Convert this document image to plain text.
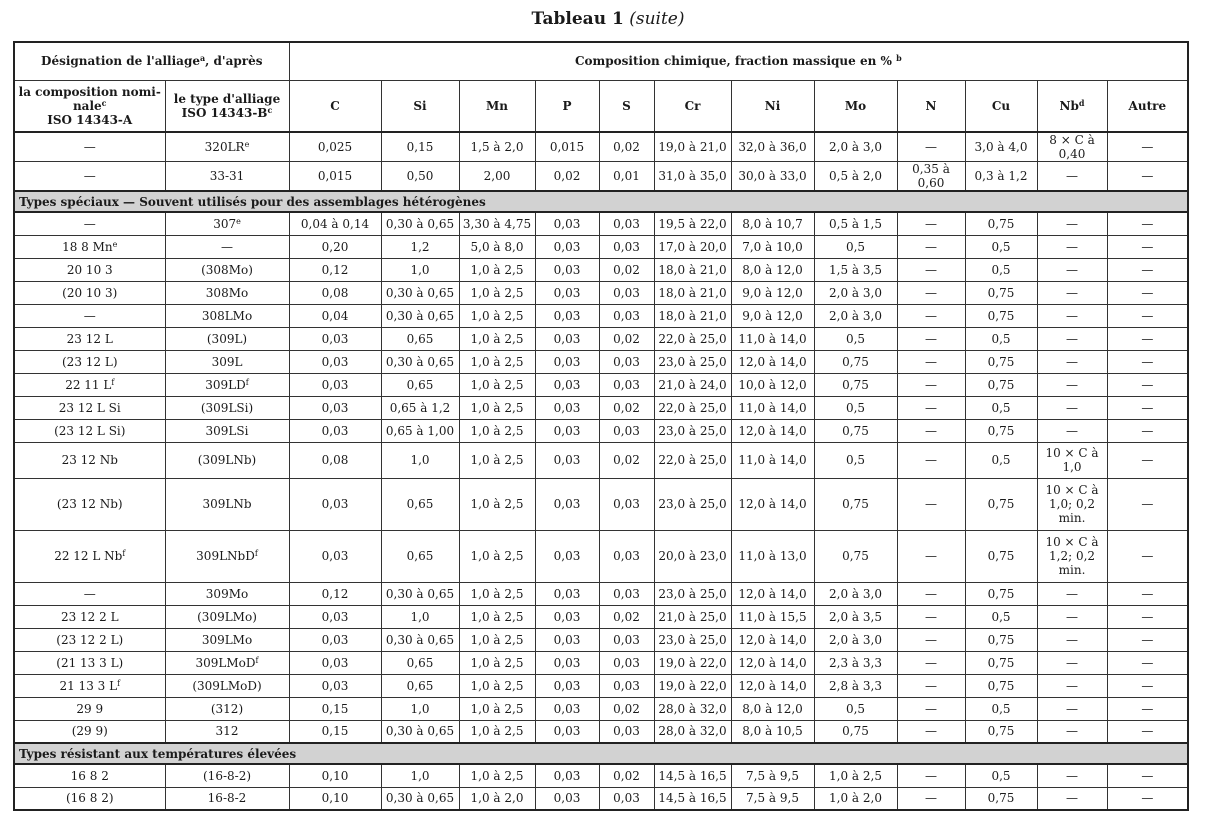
Tableau 1 (suite)
Désignation de l'alliage$^a$, d'après		Composition chimique, fraction massique en % $^b$
la composition nomi-nale$^c$
ISO 14343-A	le type d'alliage ISO $14343-B^c$	C	Si	Mn	P	S	Cr	Ni	Mo	N	Cu	Nb$^d$	Autre
—	$320LR^e$	0,025	0,15	1,5 à 2,0	0,015	0,02	19,0 à 21,0	32,0 à 36,0	2,0 à 3,0	—	3,0 à 4,0	8 × C à 0,40	—
—	33-31	0,015	0,50	2,00	0,02	0,01	31,0 à 35,0	30,0 à 33,0	0,5 à 2,0	0,35 à 0,60	0,3 à 1,2	—	—
Types spéciaux — Souvent utilisés pour des assemblages hétérogènes													
—	307e	0,04 à 0,14	0,30 à 0,65	3,30 à 4,75	0,03	0,03	19,5 à 22,0	8,0 à 10,7	0,5 à 1,5	—	0,75	—	—
18 8 Mn$^e$	—	0,20	1,2	5,0 à 8,0	0,03	0,03	17,0 à 20,0	7,0 à 10,0	0,5	—	0,5	—	—
20 10 3	(308Mo)	0,12	1,0	1,0 à 2,5	0,03	0,02	18,0 à 21,0	8,0 à 12,0	1,5 à 3,5	—	0,5	—	—
(20 10 3)	308Mo	0,08	0,30 à 0,65	1,0 à 2,5	0,03	0,03	18,0 à 21,0	9,0 à 12,0	2,0 à 3,0	—	0,75	—	—
—	308LMo	0,04	0,30 à 0,65	1,0 à 2,5	0,03	0,03	18,0 à 21,0	9,0 à 12,0	2,0 à 3,0	—	0,75	—	—
23 12 L	(309L)	0,03	0,65	1,0 à 2,5	0,03	0,02	22,0 à 25,0	11,0 à 14,0	0,5	—	0,5	—	—
(23 12 L)	309L	0,03	0,30 à 0,65	1,0 à 2,5	0,03	0,03	23,0 à 25,0	12,0 à 14,0	0,75	—	0,75	—	—
22 11 $L^f$	$309LD^f$	0,03	0,65	1,0 à 2,5	0,03	0,03	21,0 à 24,0	10,0 à 12,0	0,75	—	0,75	—	—
23 12 L Si	(309LSi)	0,03	0,65 à 1,2	1,0 à 2,5	0,03	0,02	22,0 à 25,0	11,0 à 14,0	0,5	—	0,5	—	—
(23 12 L Si)	309LSi	0,03	0,65 à 1,00	1,0 à 2,5	0,03	0,03	23,0 à 25,0	12,0 à 14,0	0,75	—	0,75	—	—
23 12 Nb	(309LNb)	0,08	1,0	1,0 à 2,5	0,03	0,02	22,0 à 25,0	11,0 à 14,0	0,5	—	0,5	10 × C à 1,0	—
(23 12 Nb)	309LNb	0,03	0,65	1,0 à 2,5	0,03	0,03	23,0 à 25,0	12,0 à 14,0	0,75	—	0,75	10 × C à 1,0; 0,2 min.	—
22 12 L Nb$^f$	309LNbD$^f$	0,03	0,65	1,0 à 2,5	0,03	0,03	20,0 à 23,0	11,0 à 13,0	0,75	—	0,75	10 × C à 1,2; 0,2 min.	—
—	309Mo	0,12	0,30 à 0,65	1,0 à 2,5	0,03	0,03	23,0 à 25,0	12,0 à 14,0	2,0 à 3,0	—	0,75	—	—
23 12 2 L	(309LMo)	0,03	1,0	1,0 à 2,5	0,03	0,02	21,0 à 25,0	11,0 à 15,5	2,0 à 3,5	—	0,5	—	—
(23 12 2 L)	309LMo	0,03	0,30 à 0,65	1,0 à 2,5	0,03	0,03	23,0 à 25,0	12,0 à 14,0	2,0 à 3,0	—	0,75	—	—
(21 13 3 L)	309LMoD$^f$	0,03	0,65	1,0 à 2,5	0,03	0,03	19,0 à 22,0	12,0 à 14,0	2,3 à 3,3	—	0,75	—	—
21 13 3 $L^f$	(309LMoD)	0,03	0,65	1,0 à 2,5	0,03	0,03	19,0 à 22,0	12,0 à 14,0	2,8 à 3,3	—	0,75	—	—
29 9	(312)	0,15	1,0	1,0 à 2,5	0,03	0,02	28,0 à 32,0	8,0 à 12,0	0,5	—	0,5	—	—
(29 9)	312	0,15	0,30 à 0,65	1,0 à 2,5	0,03	0,03	28,0 à 32,0	8,0 à 10,5	0,75	—	0,75	—	—
Types résistant aux températures élevées													
16 8 2	(16-8-2)	0,10	1,0	1,0 à 2,5	0,03	0,02	14,5 à 16,5	7,5 à 9,5	1,0 à 2,5	—	0,5	—	—
(16 8 2)	16-8-2	0,10	0,30 à 0,65	1,0 à 2,0	0,03	0,03	14,5 à 16,5	7,5 à 9,5	1,0 à 2,0	—	0,75	—	—
